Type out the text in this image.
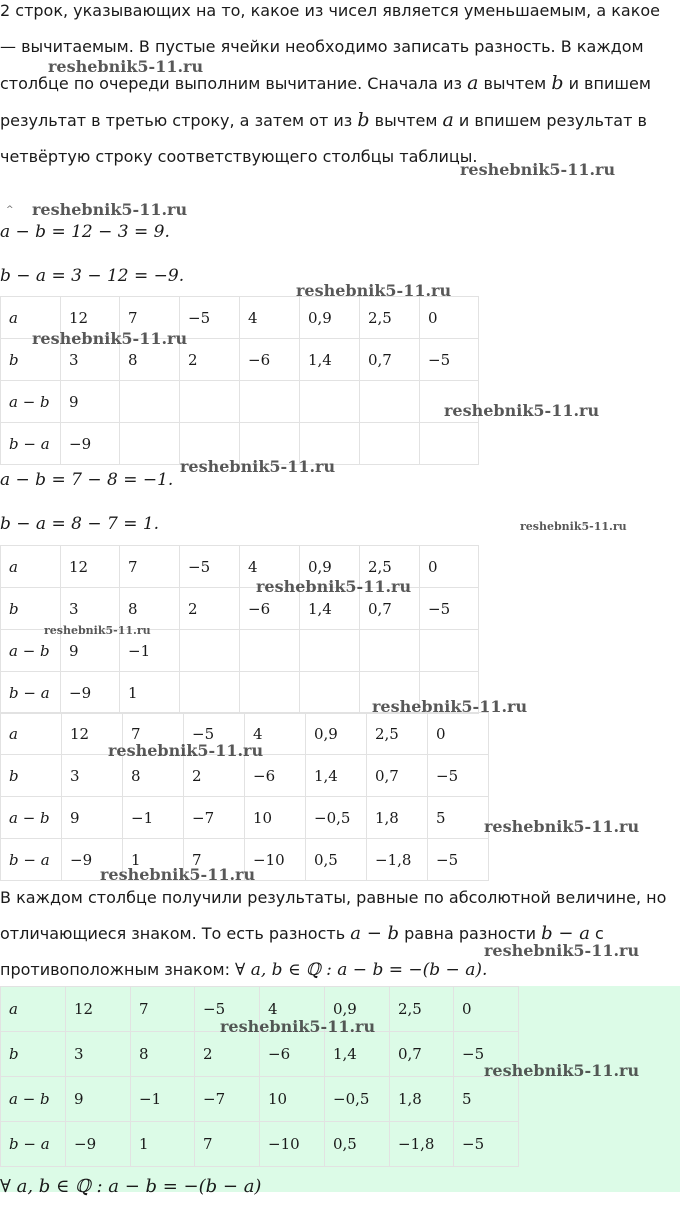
2 строк, указывающих на то, какое из чисел является уменьшаемым, а какое
— вычитаемым. В пустые ячейки необходимо записать разность. В каждом
столбце по очереди выполним вычитание. Сначала из a вычтем b и впишем
результат в третью строку, а затем от из b вычтем a и впишем результат в
четвёртую строку соответствующего столбцы таблицы.
^
a − b = 12 − 3 = 9.
b − a = 3 − 12 = −9.
a	12	7	−5	4	0,9	2,5	0
b	3	8	2	−6	1,4	0,7	−5
a − b	9						
b − a	−9						
a − b = 7 − 8 = −1.
b − a = 8 − 7 = 1.
a	12	7	−5	4	0,9	2,5	0
b	3	8	2	−6	1,4	0,7	−5
a − b	9	−1					
b − a	−9	1					
a	12	7	−5	4	0,9	2,5	0
b	3	8	2	−6	1,4	0,7	−5
a − b	9	−1	−7	10	−0,5	1,8	5
b − a	−9	1	7	−10	0,5	−1,8	−5
В каждом столбце получили результаты, равные по абсолютной величине, но
отличающиеся знаком. То есть разность a − b равна разности b − a с
противоположным знаком: ∀ a, b ∈ ℚ : a − b = −(b − a).
a	12	7	−5	4	0,9	2,5	0
b	3	8	2	−6	1,4	0,7	−5
a − b	9	−1	−7	10	−0,5	1,8	5
b − a	−9	1	7	−10	0,5	−1,8	−5
∀ a, b ∈ ℚ : a − b = −(b − a)
reshebnik5-11.ru
reshebnik5-11.ru
reshebnik5-11.ru
reshebnik5-11.ru
reshebnik5-11.ru
reshebnik5-11.ru
reshebnik5-11.ru
reshebnik5-11.ru
reshebnik5-11.ru
reshebnik5-11.ru
reshebnik5-11.ru
reshebnik5-11.ru
reshebnik5-11.ru
reshebnik5-11.ru
reshebnik5-11.ru
reshebnik5-11.ru
reshebnik5-11.ru
